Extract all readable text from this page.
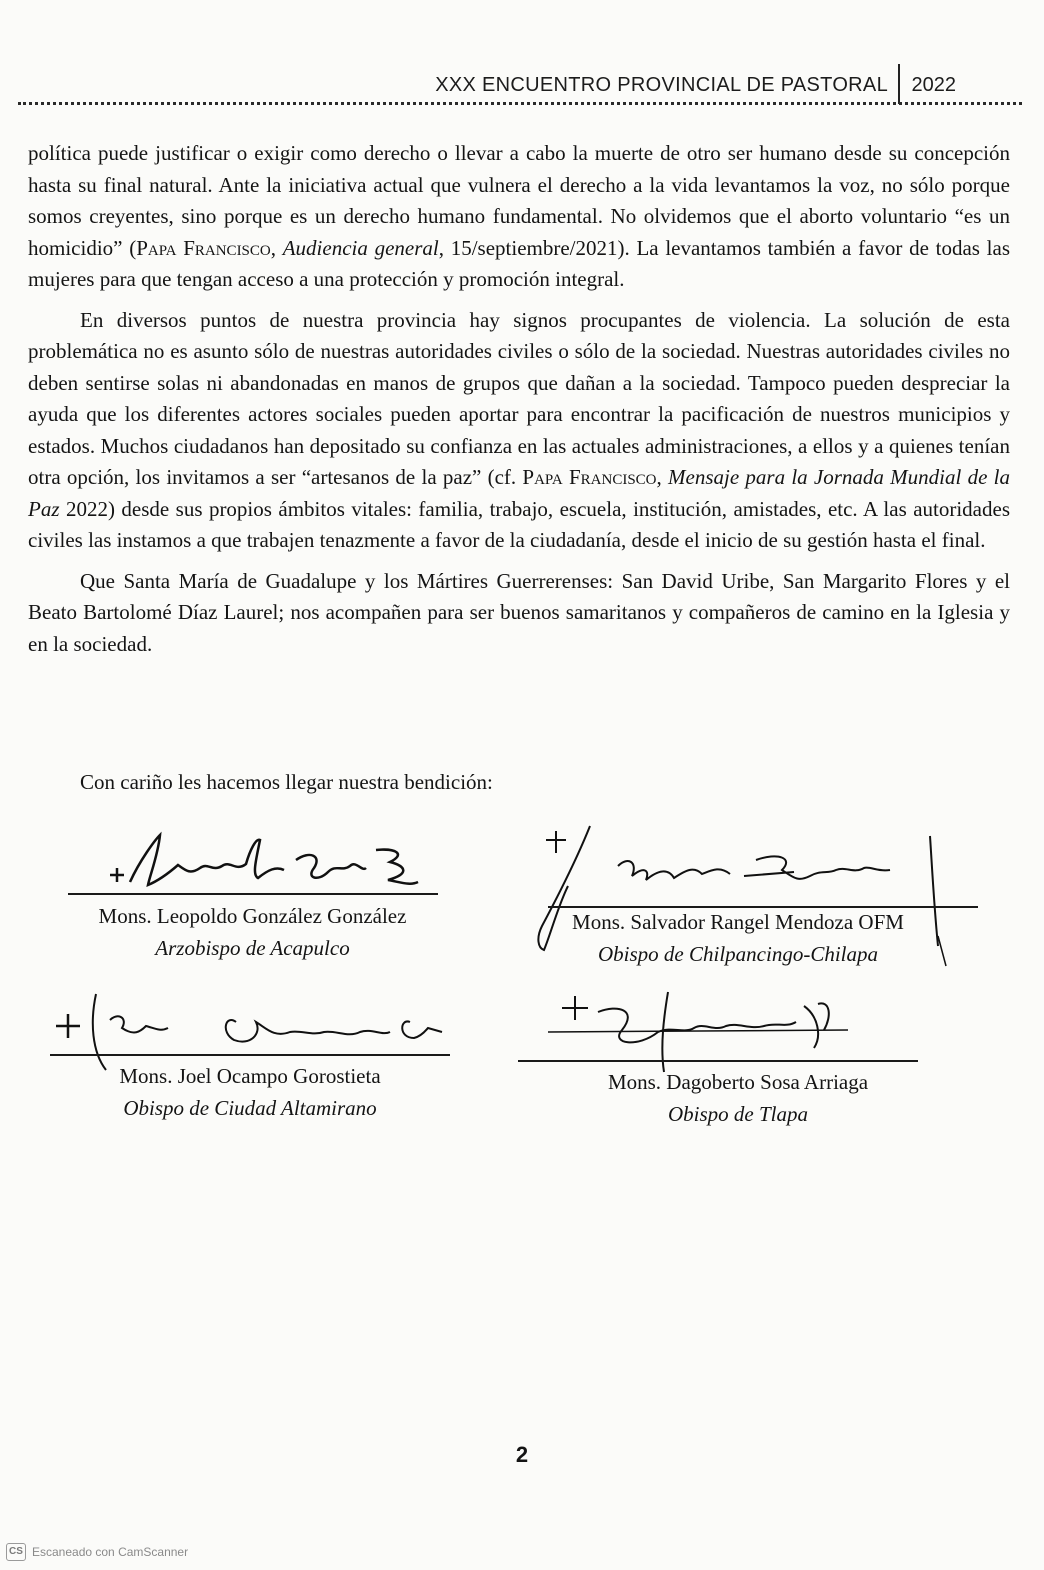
XXX ENCUENTRO PROVINCIAL DE PASTORAL 2022

política puede justificar o exigir como derecho o llevar a cabo la muerte de otro ser humano desde su concepción hasta su final natural. Ante la iniciativa actual que vulnera el derecho a la vida levantamos la voz, no sólo porque somos creyentes, sino porque es un derecho humano fundamental. No olvidemos que el aborto voluntario “es un homicidio” (Papa Francisco, Audiencia general, 15/septiembre/2021). La levantamos también a favor de todas las mujeres para que tengan acceso a una protección y promoción integral.

En diversos puntos de nuestra provincia hay signos procupantes de violencia. La solución de esta problemática no es asunto sólo de nuestras autoridades civiles o sólo de la sociedad. Nuestras autoridades civiles no deben sentirse solas ni abandonadas en manos de grupos que dañan a la sociedad. Tampoco pueden despreciar la ayuda que los diferentes actores sociales pueden aportar para encontrar la pacificación de nuestros municipios y estados. Muchos ciudadanos han depositado su confianza en las actuales administraciones, a ellos y a quienes tenían otra opción, los invitamos a ser “artesanos de la paz” (cf. Papa Francisco, Mensaje para la Jornada Mundial de la Paz 2022) desde sus propios ámbitos vitales: familia, trabajo, escuela, institución, amistades, etc. A las autoridades civiles las instamos a que trabajen tenazmente a favor de la ciudadanía, desde el inicio de su gestión hasta el final.

Que Santa María de Guadalupe y los Mártires Guerrerenses: San David Uribe, San Margarito Flores y el Beato Bartolomé Díaz Laurel; nos acompañen para ser buenos samaritanos y compañeros de camino en la Iglesia y en la sociedad.

Con cariño les hacemos llegar nuestra bendición:
Mons. Leopoldo González González
Arzobispo de Acapulco
Mons. Salvador Rangel Mendoza OFM
Obispo de Chilpancingo-Chilapa
Mons. Joel Ocampo Gorostieta
Obispo de Ciudad Altamirano
Mons. Dagoberto Sosa Arriaga
Obispo de Tlapa
2
CS Escaneado con CamScanner
